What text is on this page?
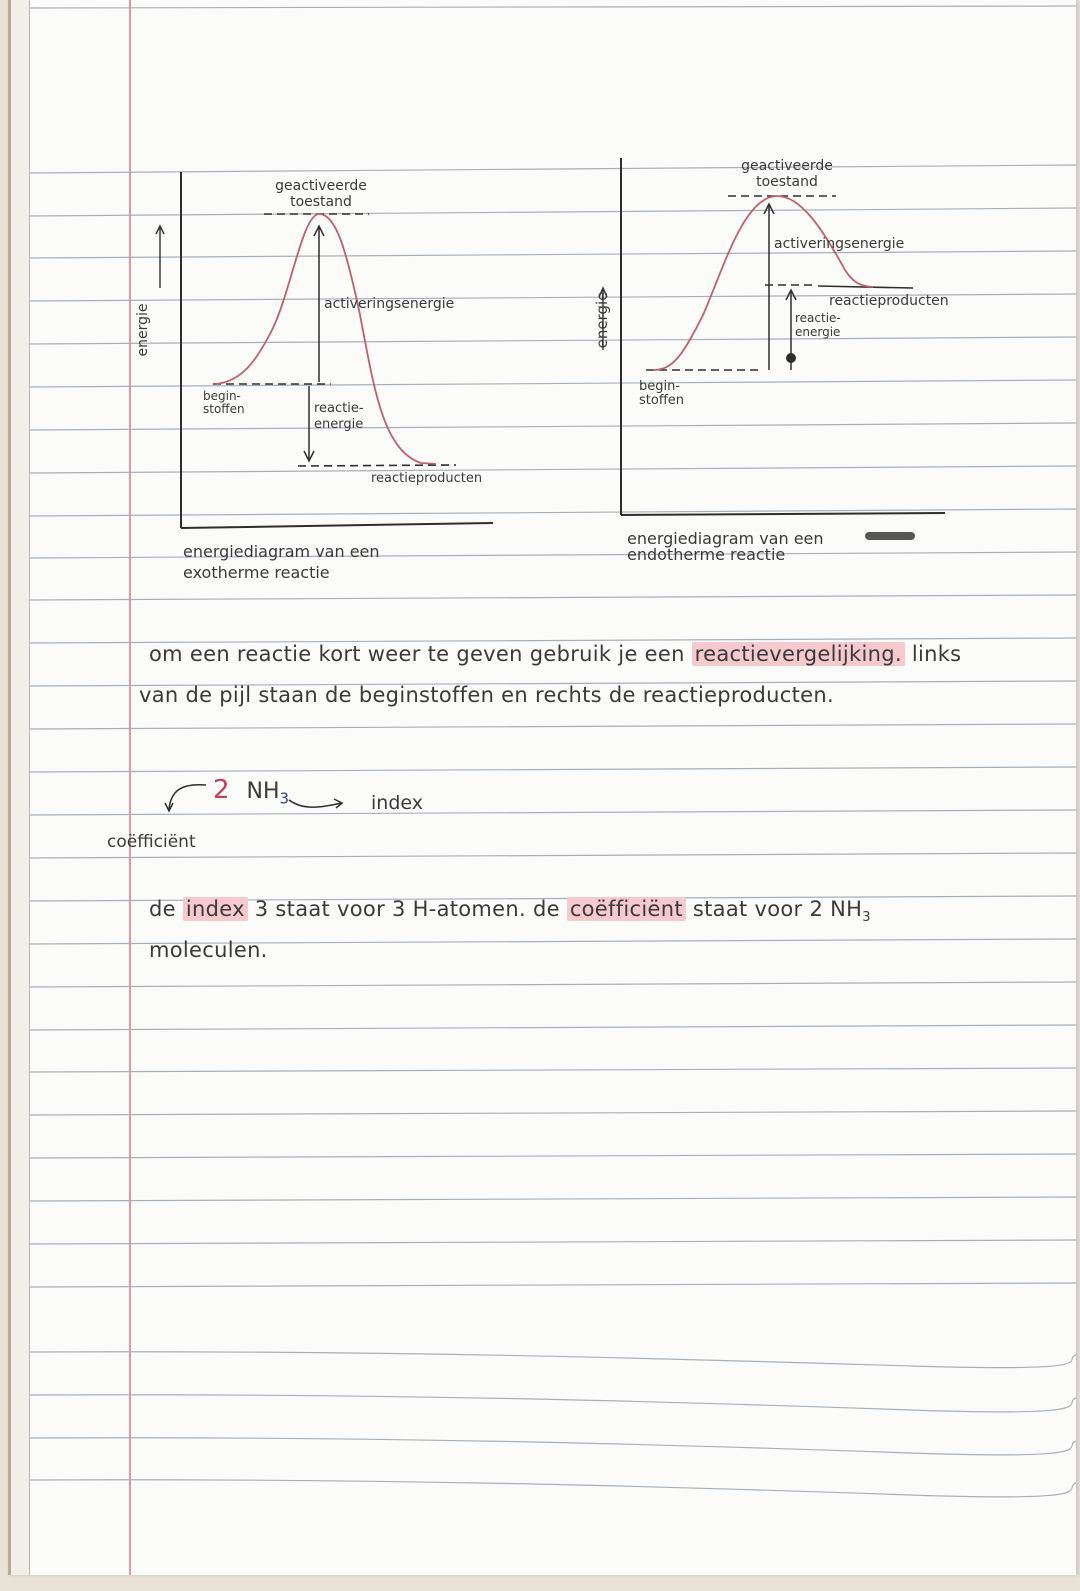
energie
geactiveerde
toestand
activeringsenergie
begin-
stoffen	reactie-
energie
reactieproducten
energiediagram van een
exotherme reactie
energie
geactiveerde
toestand
activeringsenergie
reactieproducten
reactie-
energie
begin-
stoffen
energiediagram van een
endotherme reactie
om een reactie kort weer te geven gebruik je een reactievergelijking. links
van de pijl staan de beginstoffen en rechts de reactieproducten.
2 $NH_3$	index
coëfficiënt
de index 3 staat voor 3 H-atomen. de coëfficiënt staat voor 2 $NH_3$
moleculen.
